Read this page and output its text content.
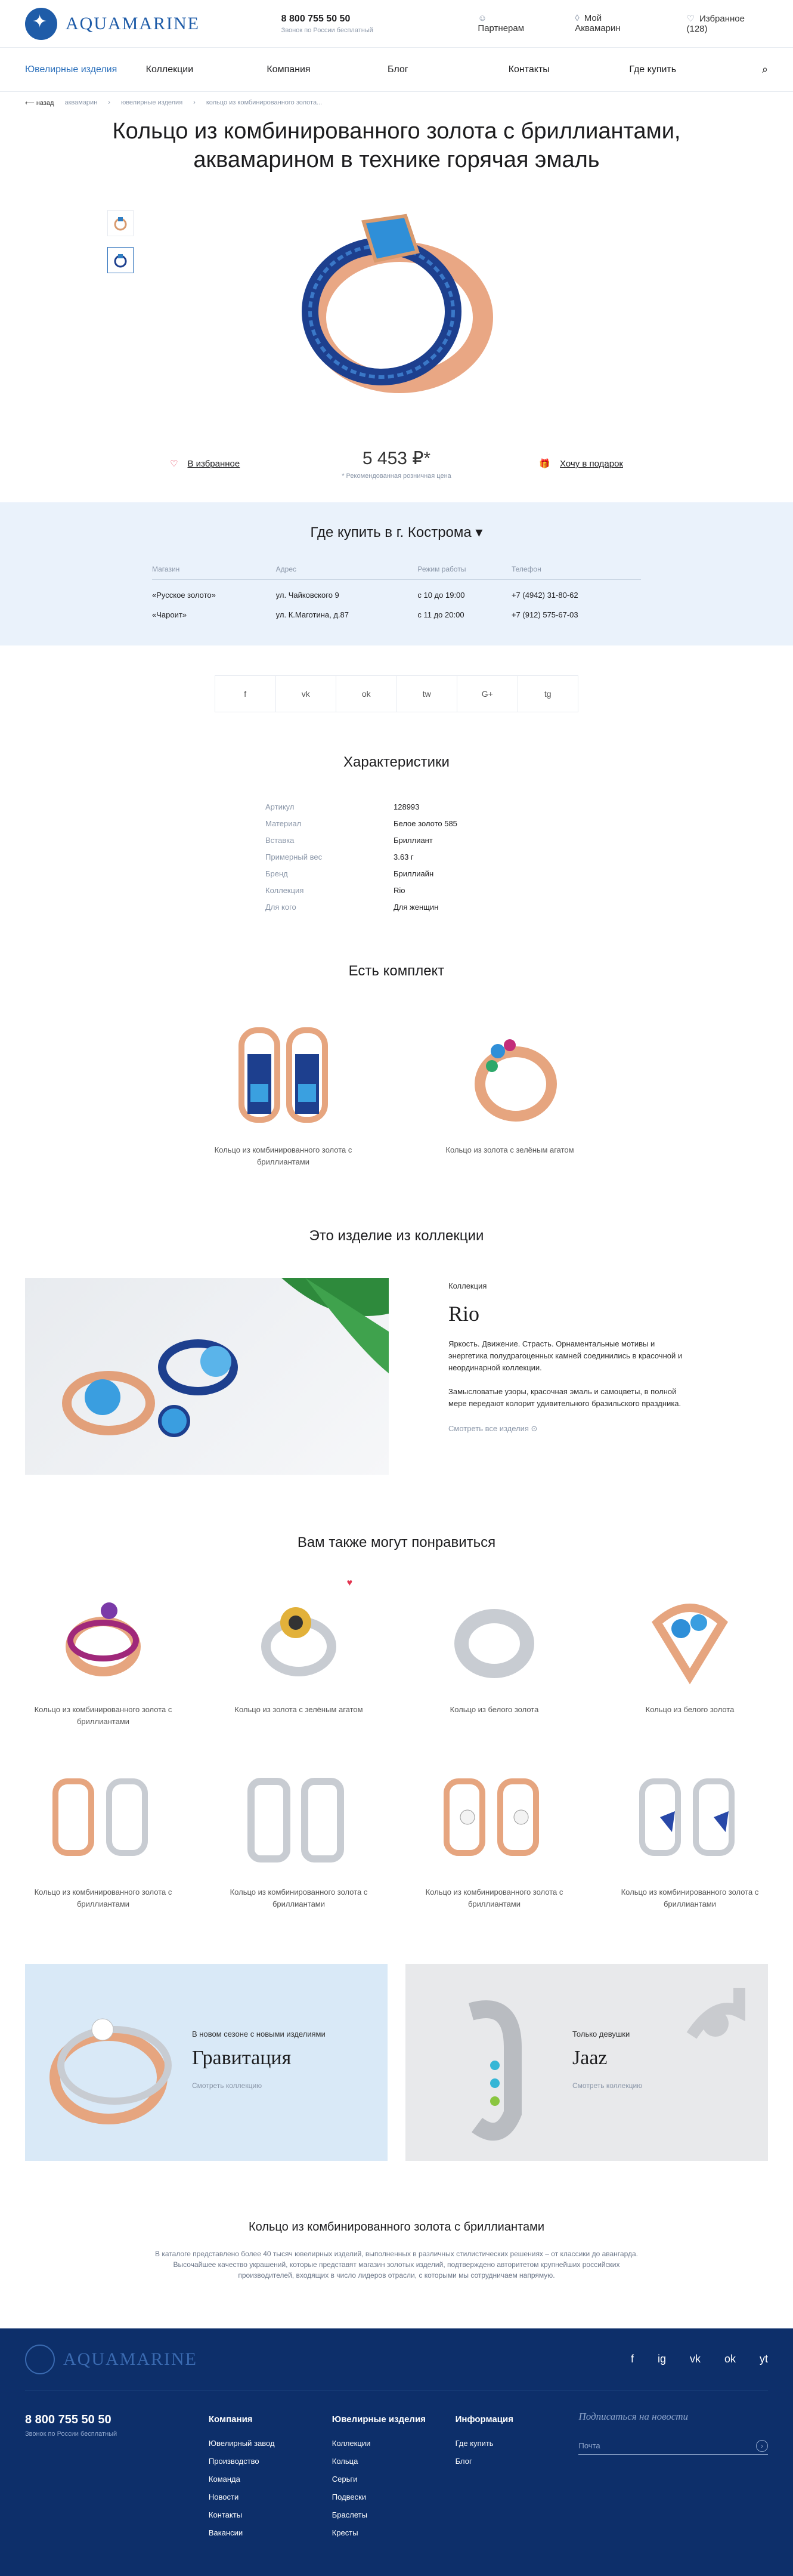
✦
AQUAMARINE	8 800 755 50 50
Звонок по России бесплатный
☺Партнерам
◊ Мой Аквамарин
♡ Избранное (128)
Ювелирные изделия	Коллекции	Компания	Блог	Контакты	Где купить	⌕
⟵ назад аквамарин › ювелирные изделия › кольцо из комбинированного золота...
Кольцо из комбинированного золота с бриллиантами, аквамарином в технике горячая эмаль
♡ В избранное	5 453 ₽*
* Рекомендованная розничная цена
🎁 Хочу в подарок
Где купить в г. Кострома ▾
Магазин	Адрес	Режим работы	Телефон
«Русское золото»	ул. Чайковского 9	с 10 до 19:00	+7 (4942) 31-80-62
«Чароит»	ул. К.Маготина, д.87	с 11 до 20:00	+7 (912) 575-67-03
f	vk	ok	tw	G+	tg
Характеристики
Артикул	128993
Материал	Белое золото 585
Вставка	Бриллиант
Примерный вес	3.63 г
Бренд	Бриллиайн
Коллекция	Rio
Для кого	Для женщин
Есть комплект
Кольцо из комбинированного золота с бриллиантами
Кольцо из золота с зелёным агатом
Это изделие из коллекции
Коллекция
Rio

Яркость. Движение. Страсть. Орнаментальные мотивы и энергетика полудрагоценных камней соединились в красочной и неординарной коллекции.

Замысловатые узоры, красочная эмаль и самоцветы, в полной мере передают колорит удивительного бразильского праздника.

Смотреть все изделия ⊙
Вам также могут понравиться
Кольцо из комбинированного золота с бриллиантами
♥
Кольцо из золота с зелёным агатом	Кольцо из белого золота	Кольцо из белого золота
Кольцо из комбинированного золота с бриллиантами
Кольцо из комбинированного золота с бриллиантами
Кольцо из комбинированного золота с бриллиантами
Кольцо из комбинированного золота с бриллиантами
В новом сезоне с новыми изделиями
Гравитация
Смотреть коллекцию
Только девушки
Jaaz
Смотреть коллекцию
Кольцо из комбинированного золота с бриллиантами

В каталоге представлено более 40 тысяч ювелирных изделий, выполненных в различных стилистических решениях – от классики до авангарда. Высочайшее качество украшений, которые представят магазин золотых изделий, подтверждено авторитетом крупнейших российских производителей, входящих в число лидеров отрасли, с которыми мы сотрудничаем напрямую.

AQUAMARINE	f ig vk ok yt
8 800 755 50 50
Звонок по России бесплатный
Компания
Ювелирный завод
Производство
Команда
Новости
Контакты
Вакансии
Ювелирные изделия
Коллекции
Кольца
Серьги
Подвески
Браслеты
Кресты
Информация
Где купить
Блог
Подписаться на новости
Почта	›
